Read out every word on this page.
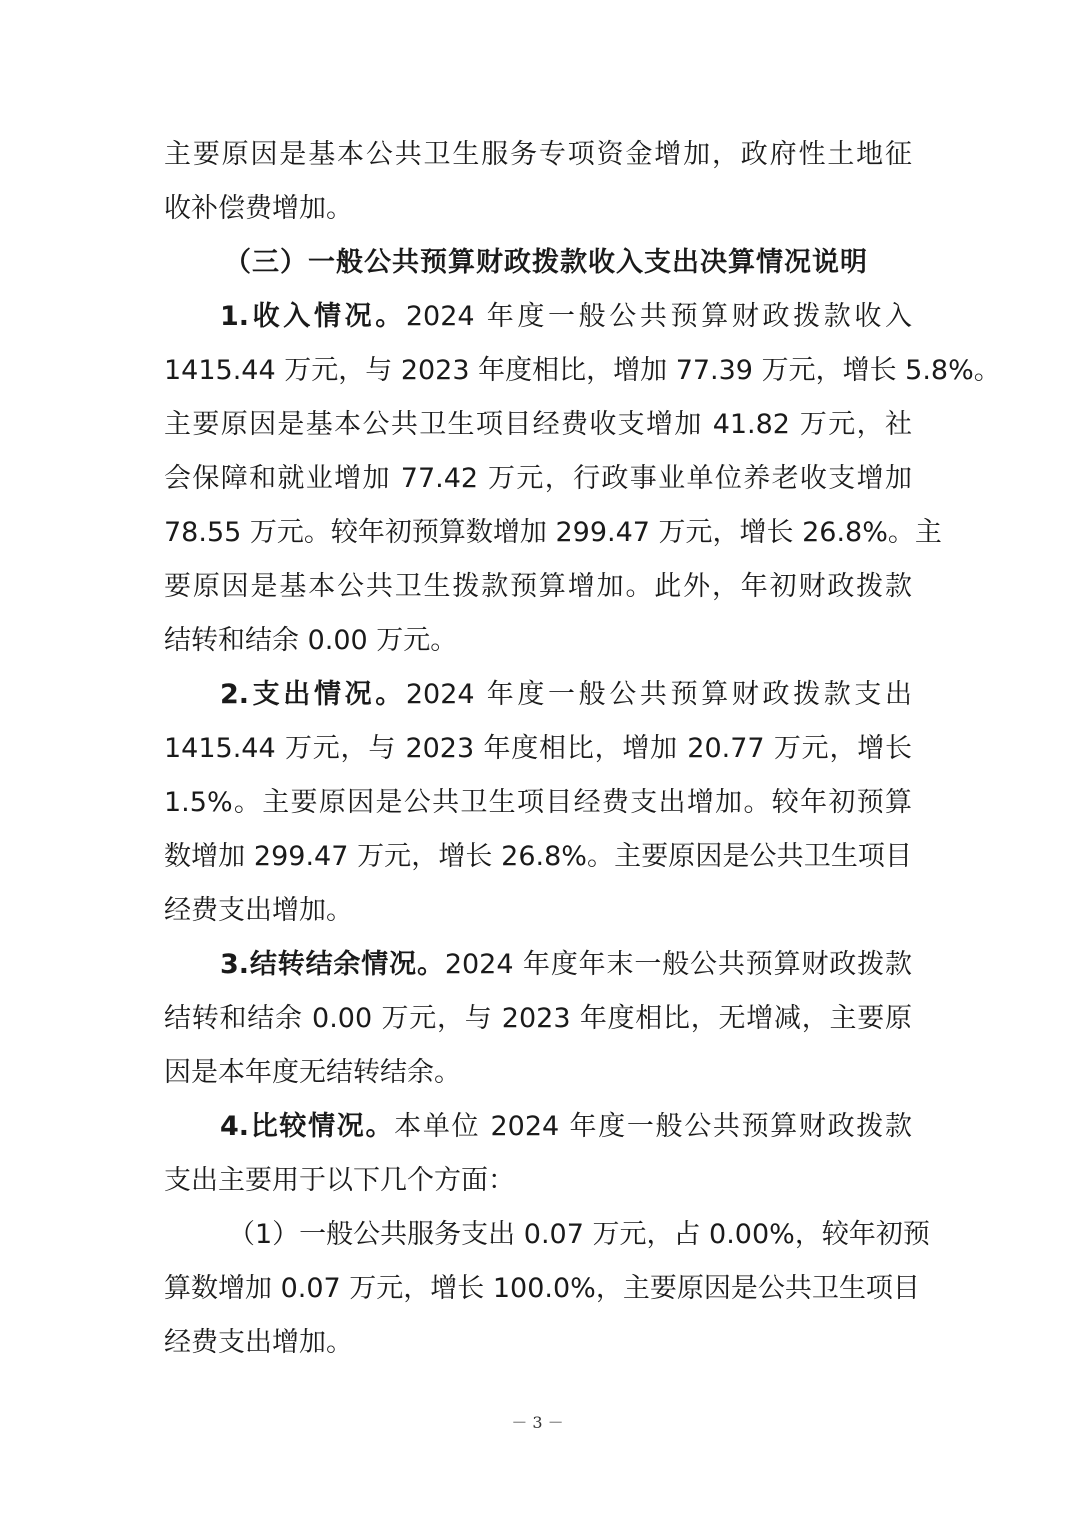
主要原因是基本公共卫生服务专项资金增加，政府性土地征
收补偿费增加。
（三）一般公共预算财政拨款收入支出决算情况说明
1.收入情况。2024 年度一般公共预算财政拨款收入
1415.44 万元，与 2023 年度相比，增加 77.39 万元，增长 5.8%。
主要原因是基本公共卫生项目经费收支增加 41.82 万元，社
会保障和就业增加 77.42 万元，行政事业单位养老收支增加
78.55 万元。较年初预算数增加 299.47 万元，增长 26.8%。主
要原因是基本公共卫生拨款预算增加。此外，年初财政拨款
结转和结余 0.00 万元。
2.支出情况。2024 年度一般公共预算财政拨款支出
1415.44 万元，与 2023 年度相比，增加 20.77 万元，增长
1.5%。主要原因是公共卫生项目经费支出增加。较年初预算
数增加 299.47 万元，增长 26.8%。主要原因是公共卫生项目
经费支出增加。
3.结转结余情况。2024 年度年末一般公共预算财政拨款
结转和结余 0.00 万元，与 2023 年度相比，无增减，主要原
因是本年度无结转结余。
4.比较情况。本单位 2024 年度一般公共预算财政拨款
支出主要用于以下几个方面：
（1）一般公共服务支出 0.07 万元，占 0.00%，较年初预
算数增加 0.07 万元，增长 100.0%，主要原因是公共卫生项目
经费支出增加。
－ 3 －
